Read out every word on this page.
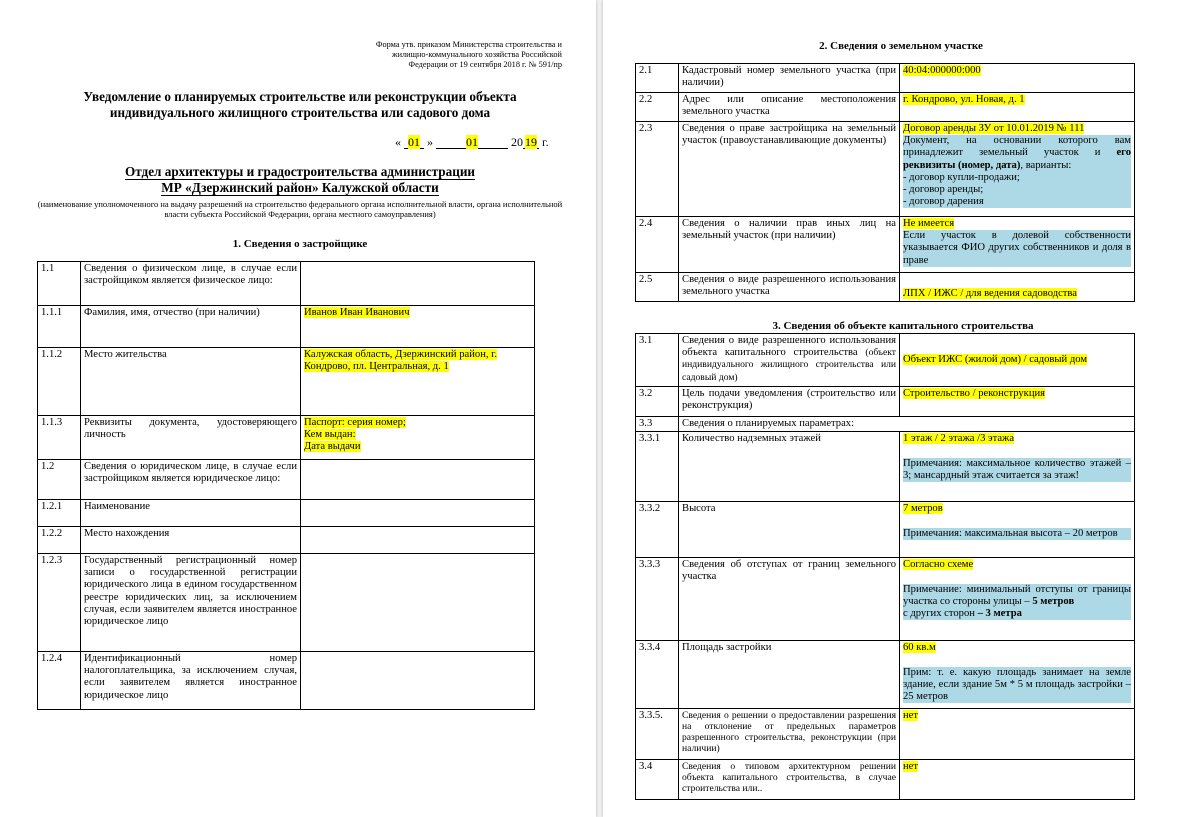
Форма утв. приказом Министерства строительства и жилищно-коммунального хозяйства Российской Федерации от 19 сентября 2018 г. № 591/пр
Уведомление о планируемых строительстве или реконструкции объекта индивидуального жилищного строительства или садового дома
« 01 »	01	20 19 г.
Отдел архитектуры и градостроительства администрации
МР «Дзержинский район» Калужской области
(наименование уполномоченного на выдачу разрешений на строительство федерального органа исполнительной власти, органа исполнительной власти субъекта Российской Федерации, органа местного самоуправления)
1. Сведения о застройщике
1.1	Сведения о физическом лице, в случае если застройщиком является физическое лицо:	
1.1.1	Фамилия, имя, отчество (при наличии)	Иванов Иван Иванович
1.1.2	Место жительства	Калужская область, Дзержинский район, г. Кондрово, пл. Центральная, д. 1
1.1.3	Реквизиты документа, удостоверяющего личность	Паспорт: серия номер;
Кем выдан:
Дата выдачи
1.2	Сведения о юридическом лице, в случае если застройщиком является юридическое лицо:	
1.2.1	Наименование	
1.2.2	Место нахождения	
1.2.3	Государственный регистрационный номер записи о государственной регистрации юридического лица в едином государственном реестре юридических лиц, за исключением случая, если заявителем является иностранное юридическое лицо	
1.2.4	Идентификационный номер налогоплательщика, за исключением случая, если заявителем является иностранное юридическое лицо	
2. Сведения о земельном участке
2.1	Кадастровый номер земельного участка (при наличии)	40:04:000000:000
2.2	Адрес или описание местоположения земельного участка	г. Кондрово, ул. Новая, д. 1
2.3	Сведения о праве застройщика на земельный участок (правоустанавливающие документы)	Договор аренды ЗУ от 10.01.2019 № 111
Документ, на основании которого вам принадлежит земельный участок и его реквизиты (номер, дата), варианты:
- договор купли-продажи;
- договор аренды;
- договор дарения

2.4	Сведения о наличии прав иных лиц на земельный участок (при наличии)	Не имеется
Если участок в долевой собственности указывается ФИО других собственников и доля в праве

2.5	Сведения о виде разрешенного использования земельного участка	ЛПХ / ИЖС / для ведения садоводства
3. Сведения об объекте капитального строительства
3.1	Сведения о виде разрешенного использования объекта капитального строительства (объект индивидуального жилищного строительства или садовый дом)	Объект ИЖС (жилой дом) / садовый дом
3.2	Цель подачи уведомления (строительство или реконструкция)	Строительство / реконструкция
3.3	Сведения о планируемых параметрах:	
3.3.1	Количество надземных этажей	1 этаж / 2 этажа /3 этажа

Примечания: максимальное количество этажей – 3; мансардный этаж считается за этаж!

3.3.2	Высота	7 метров

Примечания: максимальная высота – 20 метров

3.3.3	Сведения об отступах от границ земельного участка	Согласно схеме

Примечание: минимальный отступы от границы участка со стороны улицы – 5 метров
с других сторон – 3 метра

3.3.4	Площадь застройки	60 кв.м

Прим: т. е. какую площадь занимает на земле здание, если здание 5м * 5 м площадь застройки – 25 метров

3.3.5.	Сведения о решении о предоставлении разрешения на отклонение от предельных параметров разрешенного строительства, реконструкции (при наличии)	нет
3.4	Сведения о типовом архитектурном решении объекта капитального строительства, в случае строительства или..	нет
